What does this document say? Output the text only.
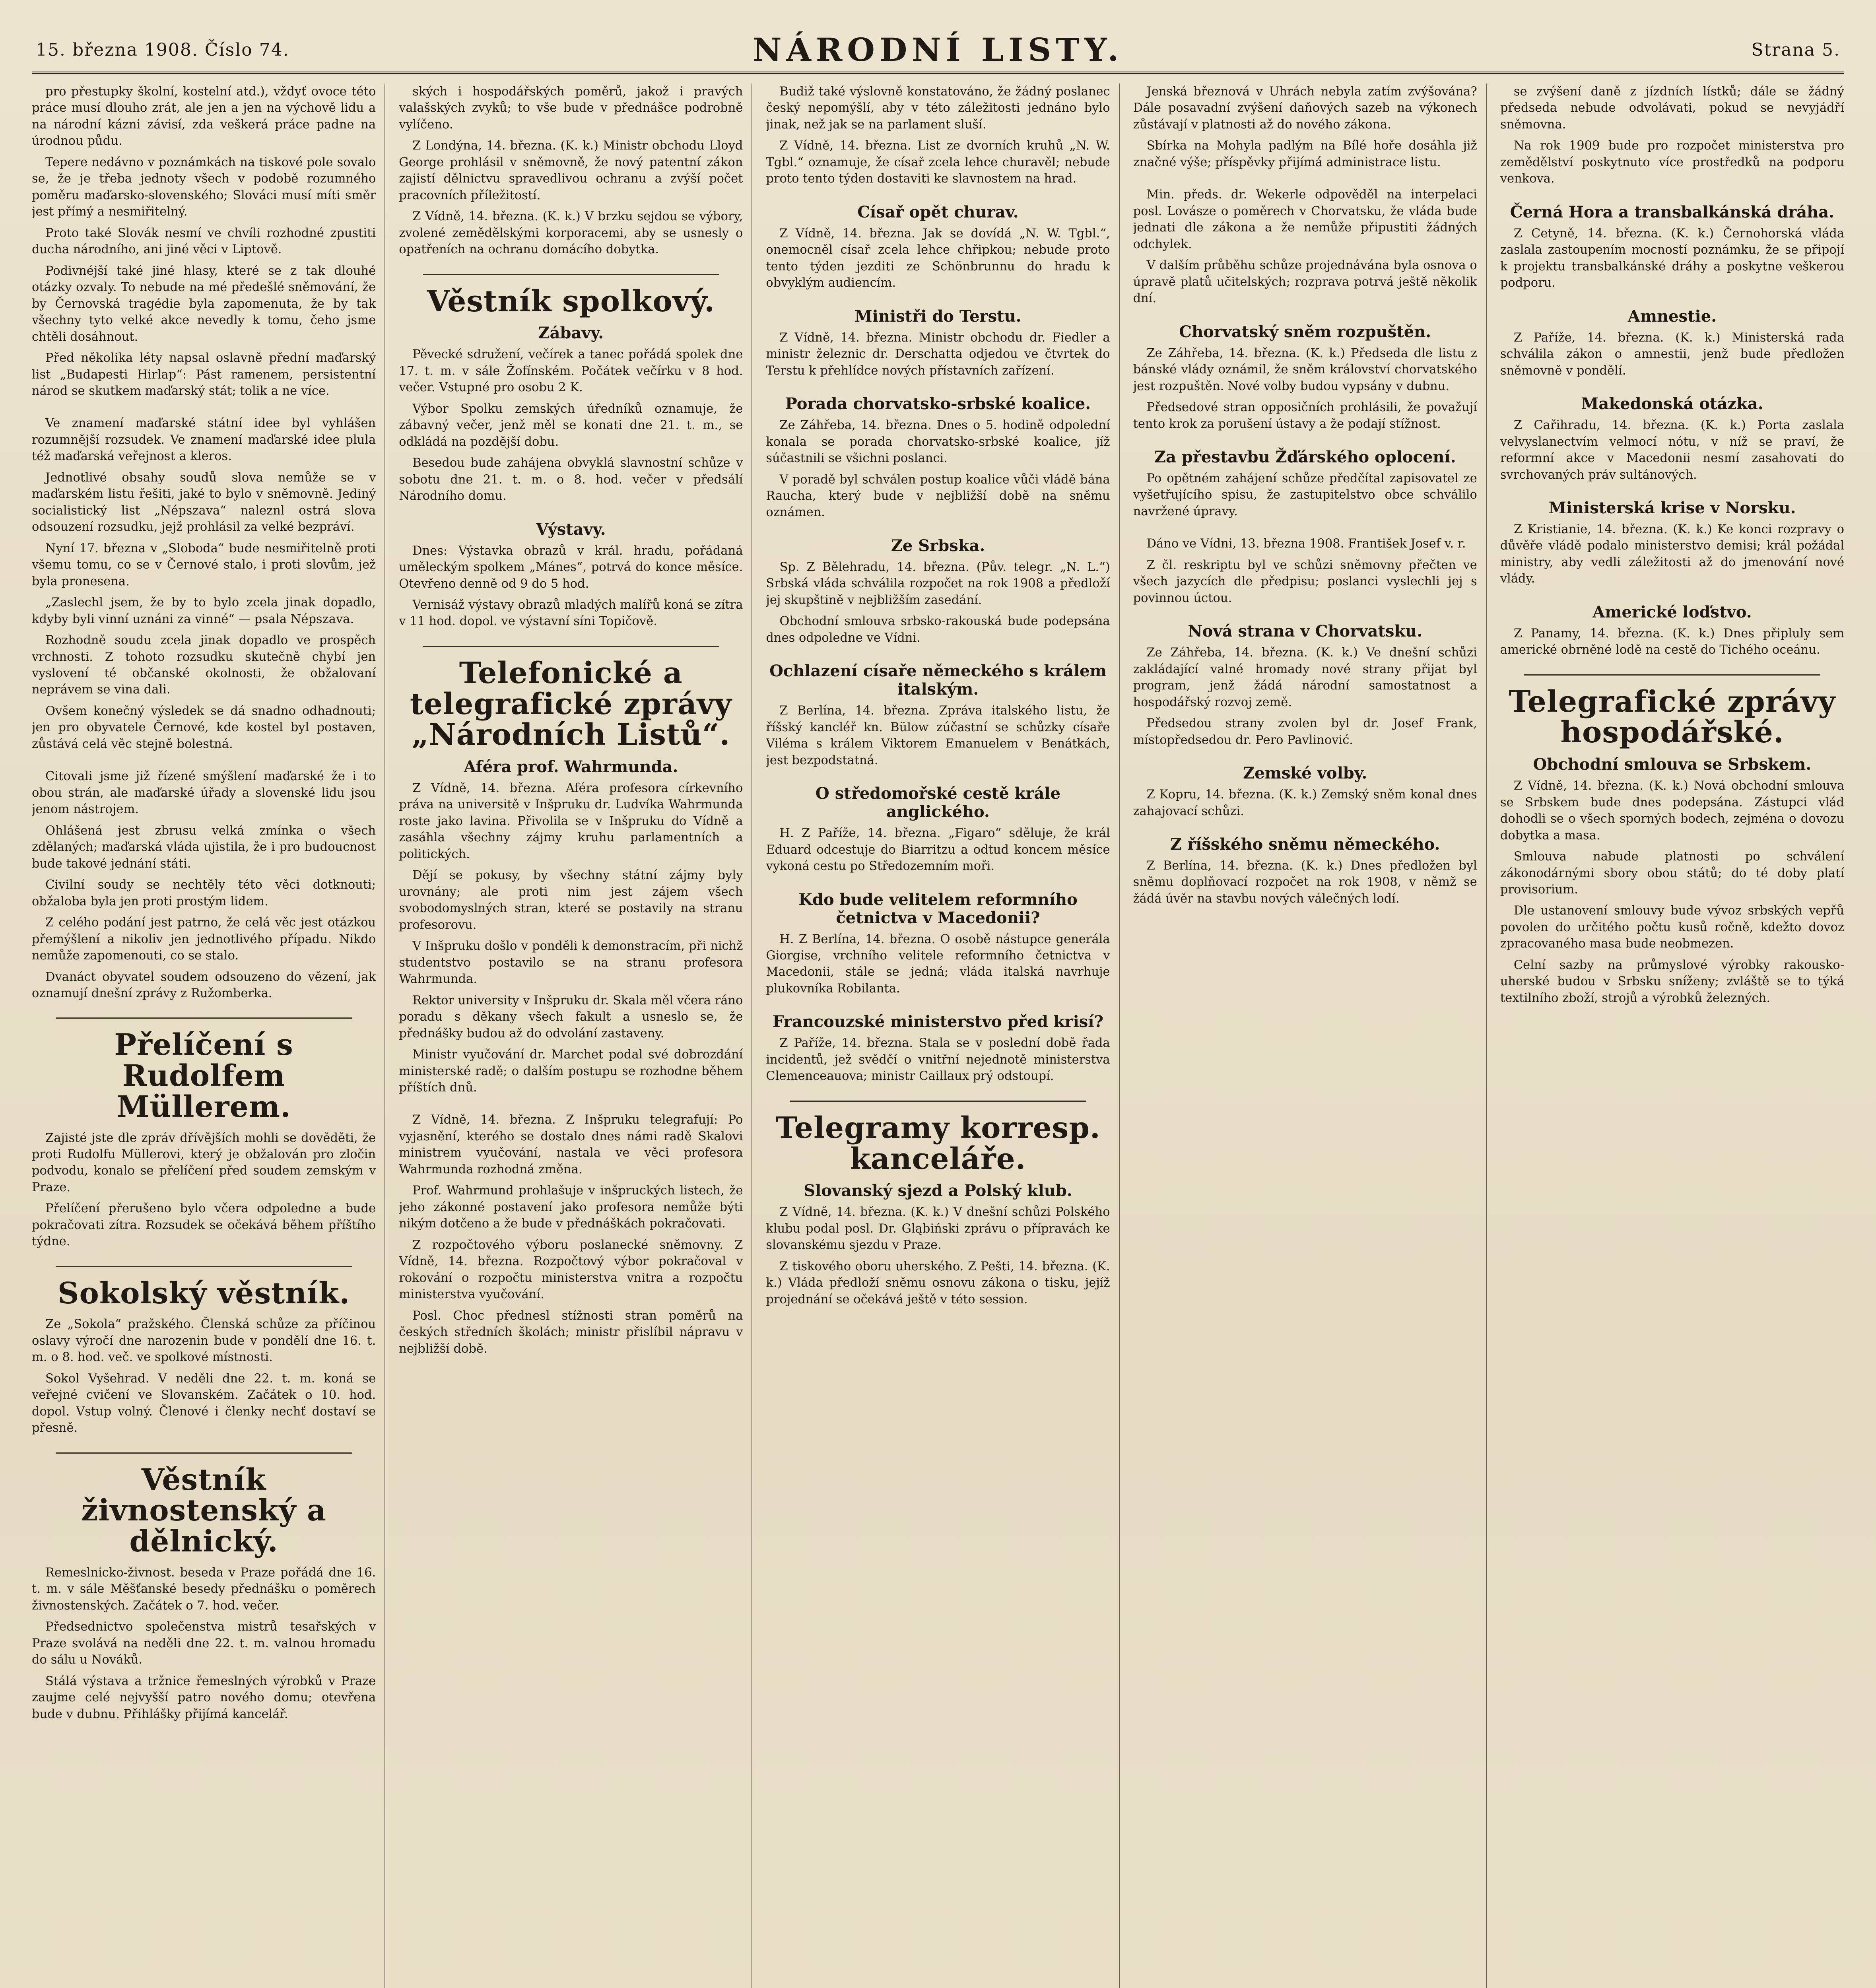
15. března 1908. Číslo 74.	NÁRODNÍ LISTY.	Strana 5.

pro přestupky školní, kostelní atd.), vždyť ovoce této práce musí dlouho zrát, ale jen a jen na výchově lidu a na národní kázni závisí, zda veškerá práce padne na úrodnou půdu.

Tepere nedávno v poznámkách na tiskové pole sovalo se, že je třeba jednoty všech v podobě rozumného poměru maďarsko-slovenského; Slováci musí míti směr jest přímý a nesmiřitelný.

Proto také Slovák nesmí ve chvíli rozhodné zpustiti ducha národního, ani jiné věci v Liptově.

Podivnéjší také jiné hlasy, které se z tak dlouhé otázky ozvaly. To nebude na mé předešlé sněmování, že by Černovská tragédie byla zapomenuta, že by tak všechny tyto velké akce nevedly k tomu, čeho jsme chtěli dosáhnout.

Před několika léty napsal oslavně přední maďarský list „Budapesti Hirlap“: Pást ramenem, persistentní národ se skutkem maďarský stát; tolik a ne více.

Ve znamení maďarské státní idee byl vyhlášen rozumnější rozsudek. Ve znamení maďarské idee plula též maďarská veřejnost a kleros.

Jednotlivé obsahy soudů slova nemůže se v maďarském listu řešiti, jaké to bylo v sněmovně. Jediný socialistický list „Népszava“ naleznl ostrá slova odsouzení rozsudku, jejž prohlásil za velké bezpráví.

Nyní 17. března v „Sloboda“ bude nesmiřitelně proti všemu tomu, co se v Černové stalo, i proti slovům, jež byla pronesena.

„Zaslechl jsem, že by to bylo zcela jinak dopadlo, kdyby byli vinní uznáni za vinné“ — psala Népszava.

Rozhodně soudu zcela jinak dopadlo ve prospěch vrchnosti. Z tohoto rozsudku skutečně chybí jen vyslovení té občanské okolnosti, že obžalovaní neprávem se vina dali.

Ovšem konečný výsledek se dá snadno odhadnouti; jen pro obyvatele Černové, kde kostel byl postaven, zůstává celá věc stejně bolestná.

Citovali jsme již řízené smýšlení maďarské že i to obou strán, ale maďarské úřady a slovenské lidu jsou jenom nástrojem.

Ohlášená jest zbrusu velká zmínka o všech zdělaných; maďarská vláda ujistila, že i pro budoucnost bude takové jednání státi.

Civilní soudy se nechtěly této věci dotknouti; obžaloba byla jen proti prostým lidem.

Z celého podání jest patrno, že celá věc jest otázkou přemýšlení a nikoliv jen jednotlivého případu. Nikdo nemůže zapomenouti, co se stalo.

Dvanáct obyvatel soudem odsouzeno do vězení, jak oznamují dnešní zprávy z Ružomberka.

Přelíčení s Rudolfem Müllerem.

Zajisté jste dle zpráv dřívějších mohli se dověděti, že proti Rudolfu Müllerovi, který je obžalován pro zločin podvodu, konalo se přelíčení před soudem zemským v Praze.

Přelíčení přerušeno bylo včera odpoledne a bude pokračovati zítra. Rozsudek se očekává během příštího týdne.

Sokolský věstník.

Ze „Sokola“ pražského. Členská schůze za příčinou oslavy výročí dne narozenin bude v pondělí dne 16. t. m. o 8. hod. več. ve spolkové místnosti.

Sokol Vyšehrad. V neděli dne 22. t. m. koná se veřejné cvičení ve Slovanském. Začátek o 10. hod. dopol. Vstup volný. Členové i členky nechť dostaví se přesně.

Věstník živnostenský a dělnický.

Remeslnicko-živnost. beseda v Praze pořádá dne 16. t. m. v sále Měšťanské besedy přednášku o poměrech živnostenských. Začátek o 7. hod. večer.

Předsednictvo společenstva mistrů tesařských v Praze svolává na neděli dne 22. t. m. valnou hromadu do sálu u Nováků.

Stálá výstava a tržnice řemeslných výrobků v Praze zaujme celé nejvyšší patro nového domu; otevřena bude v dubnu. Přihlášky přijímá kancelář.

ských i hospodářských poměrů, jakož i pravých valašských zvyků; to vše bude v přednášce podrobně vylíčeno.

Z Londýna, 14. března. (K. k.) Ministr obchodu Lloyd George prohlásil v sněmovně, že nový patentní zákon zajistí dělnictvu spravedlivou ochranu a zvýší počet pracovních příležitostí.

Z Vídně, 14. března. (K. k.) V brzku sejdou se výbory, zvolené zemědělskými korporacemi, aby se usnesly o opatřeních na ochranu domácího dobytka.

Věstník spolkový.
Zábavy.

Pěvecké sdružení, večírek a tanec pořádá spolek dne 17. t. m. v sále Žofínském. Počátek večírku v 8 hod. večer. Vstupné pro osobu 2 K.

Výbor Spolku zemských úředníků oznamuje, že zábavný večer, jenž měl se konati dne 21. t. m., se odkládá na pozdější dobu.

Besedou bude zahájena obvyklá slavnostní schůze v sobotu dne 21. t. m. o 8. hod. večer v předsálí Národního domu.

Výstavy.

Dnes: Výstavka obrazů v král. hradu, pořádaná uměleckým spolkem „Mánes“, potrvá do konce měsíce. Otevřeno denně od 9 do 5 hod.

Vernisáž výstavy obrazů mladých malířů koná se zítra v 11 hod. dopol. ve výstavní síni Topičově.

Telefonické a telegrafické zprávy „Národních Listů“.
Aféra prof. Wahrmunda.

Z Vídně, 14. března. Aféra profesora církevního práva na universitě v Inšpruku dr. Ludvíka Wahrmunda roste jako lavina. Přivolila se v Inšpruku do Vídně a zasáhla všechny zájmy kruhu parlamentních a politických.

Dějí se pokusy, by všechny státní zájmy byly urovnány; ale proti nim jest zájem všech svobodomyslných stran, které se postavily na stranu profesorovu.

V Inšpruku došlo v ponděli k demonstracím, při nichž studentstvo postavilo se na stranu profesora Wahrmunda.

Rektor university v Inšpruku dr. Skala měl včera ráno poradu s děkany všech fakult a usneslo se, že přednášky budou až do odvolání zastaveny.

Ministr vyučování dr. Marchet podal své dobrozdání ministerské radě; o dalším postupu se rozhodne během příštích dnů.

Z Vídně, 14. března. Z Inšpruku telegrafují: Po vyjasnění, kterého se dostalo dnes námi radě Skalovi ministrem vyučování, nastala ve věci profesora Wahrmunda rozhodná změna.

Prof. Wahrmund prohlašuje v inšpruckých listech, že jeho zákonné postavení jako profesora nemůže býti nikým dotčeno a že bude v přednáškách pokračovati.

Z rozpočtového výboru poslanecké sněmovny. Z Vídně, 14. března. Rozpočtový výbor pokračoval v rokování o rozpočtu ministerstva vnitra a rozpočtu ministerstva vyučování.

Posl. Choc přednesl stížnosti stran poměrů na českých středních školách; ministr přislíbil nápravu v nejbližší době.

Budiž také výslovně konstatováno, že žádný poslanec český nepomýšlí, aby v této záležitosti jednáno bylo jinak, než jak se na parlament sluší.

Z Vídně, 14. března. List ze dvorních kruhů „N. W. Tgbl.“ oznamuje, že císař zcela lehce churavěl; nebude proto tento týden dostaviti ke slavnostem na hrad.

Císař opět churav.

Z Vídně, 14. března. Jak se dovídá „N. W. Tgbl.“, onemocněl císař zcela lehce chřipkou; nebude proto tento týden jezditi ze Schönbrunnu do hradu k obvyklým audiencím.

Ministři do Terstu.

Z Vídně, 14. března. Ministr obchodu dr. Fiedler a ministr železnic dr. Derschatta odjedou ve čtvrtek do Terstu k přehlídce nových přístavních zařízení.

Porada chorvatsko-srbské koalice.

Ze Záhřeba, 14. března. Dnes o 5. hodině odpolední konala se porada chorvatsko-srbské koalice, jíž súčastnili se všichni poslanci.

V poradě byl schválen postup koalice vůči vládě bána Raucha, který bude v nejbližší době na sněmu oznámen.

Ze Srbska.

Sp. Z Bělehradu, 14. března. (Pův. telegr. „N. L.“) Srbská vláda schválila rozpočet na rok 1908 a předloží jej skupštině v nejbližším zasedání.

Obchodní smlouva srbsko-rakouská bude podepsána dnes odpoledne ve Vídni.

Ochlazení císaře německého s králem italským.

Z Berlína, 14. března. Zpráva italského listu, že říšský kancléř kn. Bülow zúčastní se schůzky císaře Viléma s králem Viktorem Emanuelem v Benátkách, jest bezpodstatná.

O středomořské cestě krále anglického.

H. Z Paříže, 14. března. „Figaro“ sděluje, že král Eduard odcestuje do Biarritzu a odtud koncem měsíce vykoná cestu po Středozemním moři.

Kdo bude velitelem reformního četnictva v Macedonii?

H. Z Berlína, 14. března. O osobě nástupce generála Giorgise, vrchního velitele reformního četnictva v Macedonii, stále se jedná; vláda italská navrhuje plukovníka Robilanta.

Francouzské ministerstvo před krisí?

Z Paříže, 14. března. Stala se v poslední době řada incidentů, jež svědčí o vnitřní nejednotě ministerstva Clemenceauova; ministr Caillaux prý odstoupí.

Telegramy korresp. kanceláře.
Slovanský sjezd a Polský klub.

Z Vídně, 14. března. (K. k.) V dnešní schůzi Polského klubu podal posl. Dr. Gląbiński zprávu o přípravách ke slovanskému sjezdu v Praze.

Z tiskového oboru uherského. Z Pešti, 14. března. (K. k.) Vláda předloží sněmu osnovu zákona o tisku, jejíž projednání se očekává ještě v této session.

Jenská březnová v Uhrách nebyla zatím zvýšována? Dále posavadní zvýšení daňových sazeb na výkonech zůstávají v platnosti až do nového zákona.

Sbírka na Mohyla padlým na Bílé hoře dosáhla již značné výše; příspěvky přijímá administrace listu.

Min. předs. dr. Wekerle odpověděl na interpelaci posl. Lovásze o poměrech v Chorvatsku, že vláda bude jednati dle zákona a že nemůže připustiti žádných odchylek.

V dalším průběhu schůze projednávána byla osnova o úpravě platů učitelských; rozprava potrvá ještě několik dní.

Chorvatský sněm rozpuštěn.

Ze Záhřeba, 14. března. (K. k.) Předseda dle listu z bánské vlády oznámil, že sněm království chorvatského jest rozpuštěn. Nové volby budou vypsány v dubnu.

Předsedové stran opposičních prohlásili, že považují tento krok za porušení ústavy a že podají stížnost.

Za přestavbu Žďárského oplocení.

Po opětném zahájení schůze předčítal zapisovatel ze vyšetřujícího spisu, že zastupitelstvo obce schválilo navržené úpravy.

Dáno ve Vídni, 13. března 1908. František Josef v. r.

Z čl. reskriptu byl ve schůzi sněmovny přečten ve všech jazycích dle předpisu; poslanci vyslechli jej s povinnou úctou.

Nová strana v Chorvatsku.

Ze Záhřeba, 14. března. (K. k.) Ve dnešní schůzi zakládající valné hromady nové strany přijat byl program, jenž žádá národní samostatnost a hospodářský rozvoj země.

Předsedou strany zvolen byl dr. Josef Frank, místopředsedou dr. Pero Pavlinović.

Zemské volby.

Z Kopru, 14. března. (K. k.) Zemský sněm konal dnes zahajovací schůzi.

Z říšského sněmu německého.

Z Berlína, 14. března. (K. k.) Dnes předložen byl sněmu doplňovací rozpočet na rok 1908, v němž se žádá úvěr na stavbu nových válečných lodí.

se zvýšení daně z jízdních lístků; dále se žádný předseda nebude odvolávati, pokud se nevyjádří sněmovna.

Na rok 1909 bude pro rozpočet ministerstva pro zemědělství poskytnuto více prostředků na podporu venkova.

Černá Hora a transbalkánská dráha.

Z Cetyně, 14. března. (K. k.) Černohorská vláda zaslala zastoupením mocností poznámku, že se připojí k projektu transbalkánské dráhy a poskytne veškerou podporu.

Amnestie.

Z Paříže, 14. března. (K. k.) Ministerská rada schválila zákon o amnestii, jenž bude předložen sněmovně v pondělí.

Makedonská otázka.

Z Cařihradu, 14. března. (K. k.) Porta zaslala velvyslanectvím velmocí nótu, v níž se praví, že reformní akce v Macedonii nesmí zasahovati do svrchovaných práv sultánových.

Ministerská krise v Norsku.

Z Kristianie, 14. března. (K. k.) Ke konci rozpravy o důvěře vládě podalo ministerstvo demisi; král požádal ministry, aby vedli záležitosti až do jmenování nové vlády.

Americké loďstvo.

Z Panamy, 14. března. (K. k.) Dnes připluly sem americké obrněné lodě na cestě do Tichého oceánu.

Telegrafické zprávy hospodářské.
Obchodní smlouva se Srbskem.

Z Vídně, 14. března. (K. k.) Nová obchodní smlouva se Srbskem bude dnes podepsána. Zástupci vlád dohodli se o všech sporných bodech, zejména o dovozu dobytka a masa.

Smlouva nabude platnosti po schválení zákonodárnými sbory obou států; do té doby platí provisorium.

Dle ustanovení smlouvy bude vývoz srbských vepřů povolen do určitého počtu kusů ročně, kdežto dovoz zpracovaného masa bude neobmezen.

Celní sazby na průmyslové výrobky rakousko-uherské budou v Srbsku sníženy; zvláště se to týká textilního zboží, strojů a výrobků železných.
